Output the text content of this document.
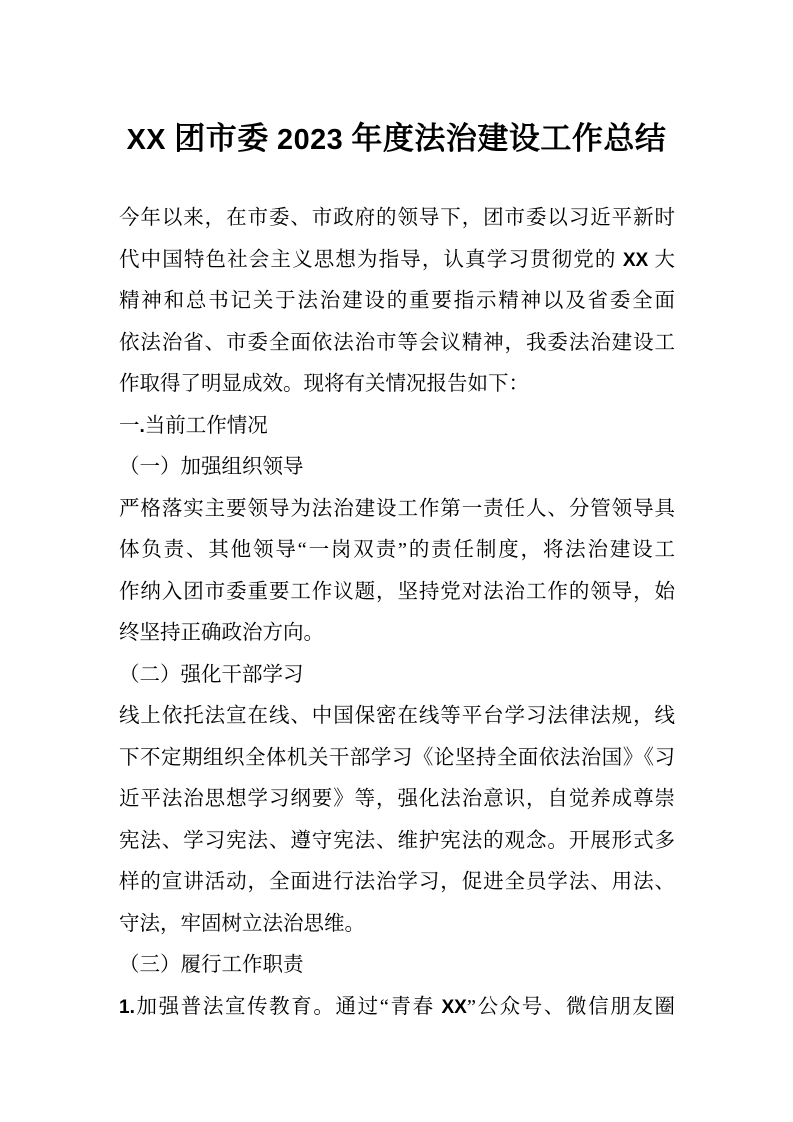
XX 团市委 2023 年度法治建设工作总结
今年以来，在市委、市政府的领导下，团市委以习近平新时
代中国特色社会主义思想为指导，认真学习贯彻党的 XX 大
精神和总书记关于法治建设的重要指示精神以及省委全面
依法治省、市委全面依法治市等会议精神，我委法治建设工
作取得了明显成效。现将有关情况报告如下：
一.当前工作情况
（一）加强组织领导
严格落实主要领导为法治建设工作第一责任人、分管领导具
体负责、其他领导“一岗双责”的责任制度，将法治建设工
作纳入团市委重要工作议题，坚持党对法治工作的领导，始
终坚持正确政治方向。
（二）强化干部学习
线上依托法宣在线、中国保密在线等平台学习法律法规，线
下不定期组织全体机关干部学习《论坚持全面依法治国》《习
近平法治思想学习纲要》等，强化法治意识，自觉养成尊崇
宪法、学习宪法、遵守宪法、维护宪法的观念。开展形式多
样的宣讲活动，全面进行法治学习，促进全员学法、用法、
守法，牢固树立法治思维。
（三）履行工作职责
1.加强普法宣传教育。通过“青春 XX”公众号、微信朋友圈
